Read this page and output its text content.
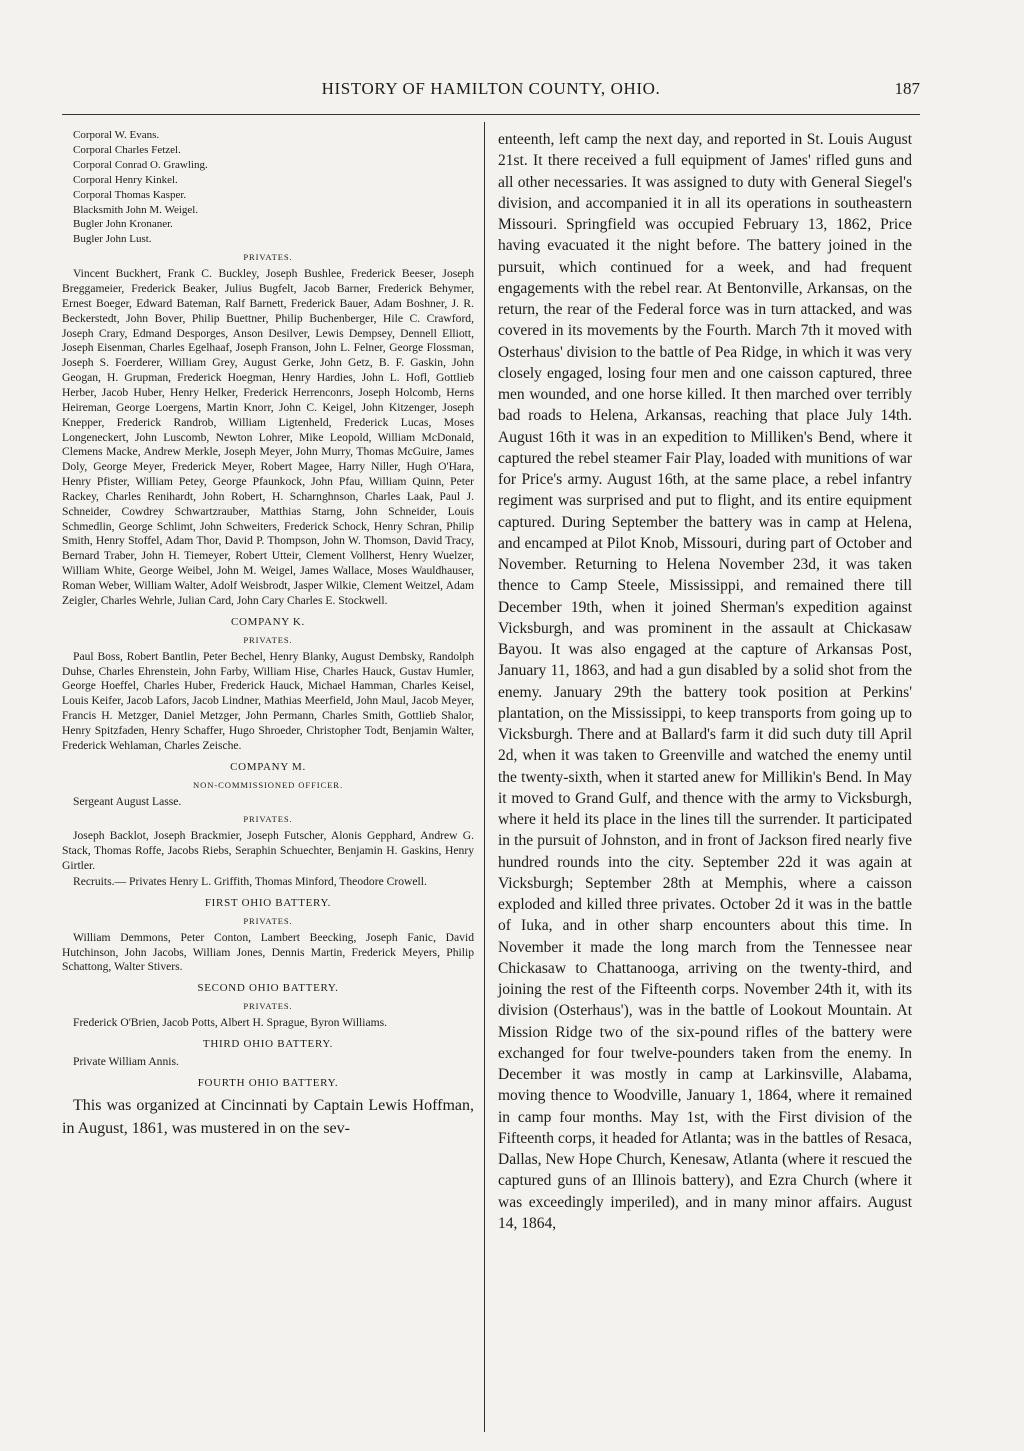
HISTORY OF HAMILTON COUNTY, OHIO.	187
Corporal W. Evans.
Corporal Charles Fetzel.
Corporal Conrad O. Grawling.
Corporal Henry Kinkel.
Corporal Thomas Kasper.
Blacksmith John M. Weigel.
Bugler John Kronaner.
Bugler John Lust.
PRIVATES.

Vincent Buckhert, Frank C. Buckley, Joseph Bushlee, Frederick Beeser, Joseph Breggameier, Frederick Beaker, Julius Bugfelt, Jacob Barner, Frederick Behymer, Ernest Boeger, Edward Bateman, Ralf Barnett, Frederick Bauer, Adam Boshner, J. R. Beckerstedt, John Bover, Philip Buettner, Philip Buchenberger, Hile C. Crawford, Joseph Crary, Edmand Desporges, Anson Desilver, Lewis Dempsey, Dennell Elliott, Joseph Eisenman, Charles Egelhaaf, Joseph Franson, John L. Felner, George Flossman, Joseph S. Foerderer, William Grey, August Gerke, John Getz, B. F. Gaskin, John Geogan, H. Grupman, Frederick Hoegman, Henry Hardies, John L. Hofl, Gottlieb Herber, Jacob Huber, Henry Helker, Frederick Herrenconrs, Joseph Holcomb, Herns Heireman, George Loergens, Martin Knorr, John C. Keigel, John Kitzenger, Joseph Knepper, Frederick Randrob, William Ligtenheld, Frederick Lucas, Moses Longeneckert, John Luscomb, Newton Lohrer, Mike Leopold, William McDonald, Clemens Macke, Andrew Merkle, Joseph Meyer, John Murry, Thomas McGuire, James Doly, George Meyer, Frederick Meyer, Robert Magee, Harry Niller, Hugh O'Hara, Henry Pfister, William Petey, George Pfaunkock, John Pfau, William Quinn, Peter Rackey, Charles Renihardt, John Robert, H. Scharnghnson, Charles Laak, Paul J. Schneider, Cowdrey Schwartzrauber, Matthias Starng, John Schneider, Louis Schmedlin, George Schlimt, John Schweiters, Frederick Schock, Henry Schran, Philip Smith, Henry Stoffel, Adam Thor, David P. Thompson, John W. Thomson, David Tracy, Bernard Traber, John H. Tiemeyer, Robert Utteir, Clement Vollherst, Henry Wuelzer, William White, George Weibel, John M. Weigel, James Wallace, Moses Wauldhauser, Roman Weber, William Walter, Adolf Weisbrodt, Jasper Wilkie, Clement Weitzel, Adam Zeigler, Charles Wehrle, Julian Card, John Cary Charles E. Stockwell.

COMPANY K.
PRIVATES.

Paul Boss, Robert Bantlin, Peter Bechel, Henry Blanky, August Dembsky, Randolph Duhse, Charles Ehrenstein, John Farby, William Hise, Charles Hauck, Gustav Humler, George Hoeffel, Charles Huber, Frederick Hauck, Michael Hamman, Charles Keisel, Louis Keifer, Jacob Lafors, Jacob Lindner, Mathias Meerfield, John Maul, Jacob Meyer, Francis H. Metzger, Daniel Metzger, John Permann, Charles Smith, Gottlieb Shalor, Henry Spitzfaden, Henry Schaffer, Hugo Shroeder, Christopher Todt, Benjamin Walter, Frederick Wehlaman, Charles Zeische.

COMPANY M.
NON-COMMISSIONED OFFICER.

Sergeant August Lasse.

PRIVATES.

Joseph Backlot, Joseph Brackmier, Joseph Futscher, Alonis Gepphard, Andrew G. Stack, Thomas Roffe, Jacobs Riebs, Seraphin Schuechter, Benjamin H. Gaskins, Henry Girtler.

Recruits.— Privates Henry L. Griffith, Thomas Minford, Theodore Crowell.

FIRST OHIO BATTERY.
PRIVATES.

William Demmons, Peter Conton, Lambert Beecking, Joseph Fanic, David Hutchinson, John Jacobs, William Jones, Dennis Martin, Frederick Meyers, Philip Schattong, Walter Stivers.

SECOND OHIO BATTERY.
PRIVATES.

Frederick O'Brien, Jacob Potts, Albert H. Sprague, Byron Williams.

THIRD OHIO BATTERY.

Private William Annis.

FOURTH OHIO BATTERY.

This was organized at Cincinnati by Captain Lewis Hoffman, in August, 1861, was mustered in on the sev-

enteenth, left camp the next day, and reported in St. Louis August 21st. It there received a full equipment of James' rifled guns and all other necessaries. It was assigned to duty with General Siegel's division, and accompanied it in all its operations in southeastern Missouri. Springfield was occupied February 13, 1862, Price having evacuated it the night before. The battery joined in the pursuit, which continued for a week, and had frequent engagements with the rebel rear. At Bentonville, Arkansas, on the return, the rear of the Federal force was in turn attacked, and was covered in its movements by the Fourth. March 7th it moved with Osterhaus' division to the battle of Pea Ridge, in which it was very closely engaged, losing four men and one caisson captured, three men wounded, and one horse killed. It then marched over terribly bad roads to Helena, Arkansas, reaching that place July 14th. August 16th it was in an expedition to Milliken's Bend, where it captured the rebel steamer Fair Play, loaded with munitions of war for Price's army. August 16th, at the same place, a rebel infantry regiment was surprised and put to flight, and its entire equipment captured. During September the battery was in camp at Helena, and encamped at Pilot Knob, Missouri, during part of October and November. Returning to Helena November 23d, it was taken thence to Camp Steele, Mississippi, and remained there till December 19th, when it joined Sherman's expedition against Vicksburgh, and was prominent in the assault at Chickasaw Bayou. It was also engaged at the capture of Arkansas Post, January 11, 1863, and had a gun disabled by a solid shot from the enemy. January 29th the battery took position at Perkins' plantation, on the Mississippi, to keep transports from going up to Vicksburgh. There and at Ballard's farm it did such duty till April 2d, when it was taken to Greenville and watched the enemy until the twenty-sixth, when it started anew for Millikin's Bend. In May it moved to Grand Gulf, and thence with the army to Vicksburgh, where it held its place in the lines till the surrender. It participated in the pursuit of Johnston, and in front of Jackson fired nearly five hundred rounds into the city. September 22d it was again at Vicksburgh; September 28th at Memphis, where a caisson exploded and killed three privates. October 2d it was in the battle of Iuka, and in other sharp encounters about this time. In November it made the long march from the Tennessee near Chickasaw to Chattanooga, arriving on the twenty-third, and joining the rest of the Fifteenth corps. November 24th it, with its division (Osterhaus'), was in the battle of Lookout Mountain. At Mission Ridge two of the six-pound rifles of the battery were exchanged for four twelve-pounders taken from the enemy. In December it was mostly in camp at Larkinsville, Alabama, moving thence to Woodville, January 1, 1864, where it remained in camp four months. May 1st, with the First division of the Fifteenth corps, it headed for Atlanta; was in the battles of Resaca, Dallas, New Hope Church, Kenesaw, Atlanta (where it rescued the captured guns of an Illinois battery), and Ezra Church (where it was exceedingly imperiled), and in many minor affairs. August 14, 1864,
